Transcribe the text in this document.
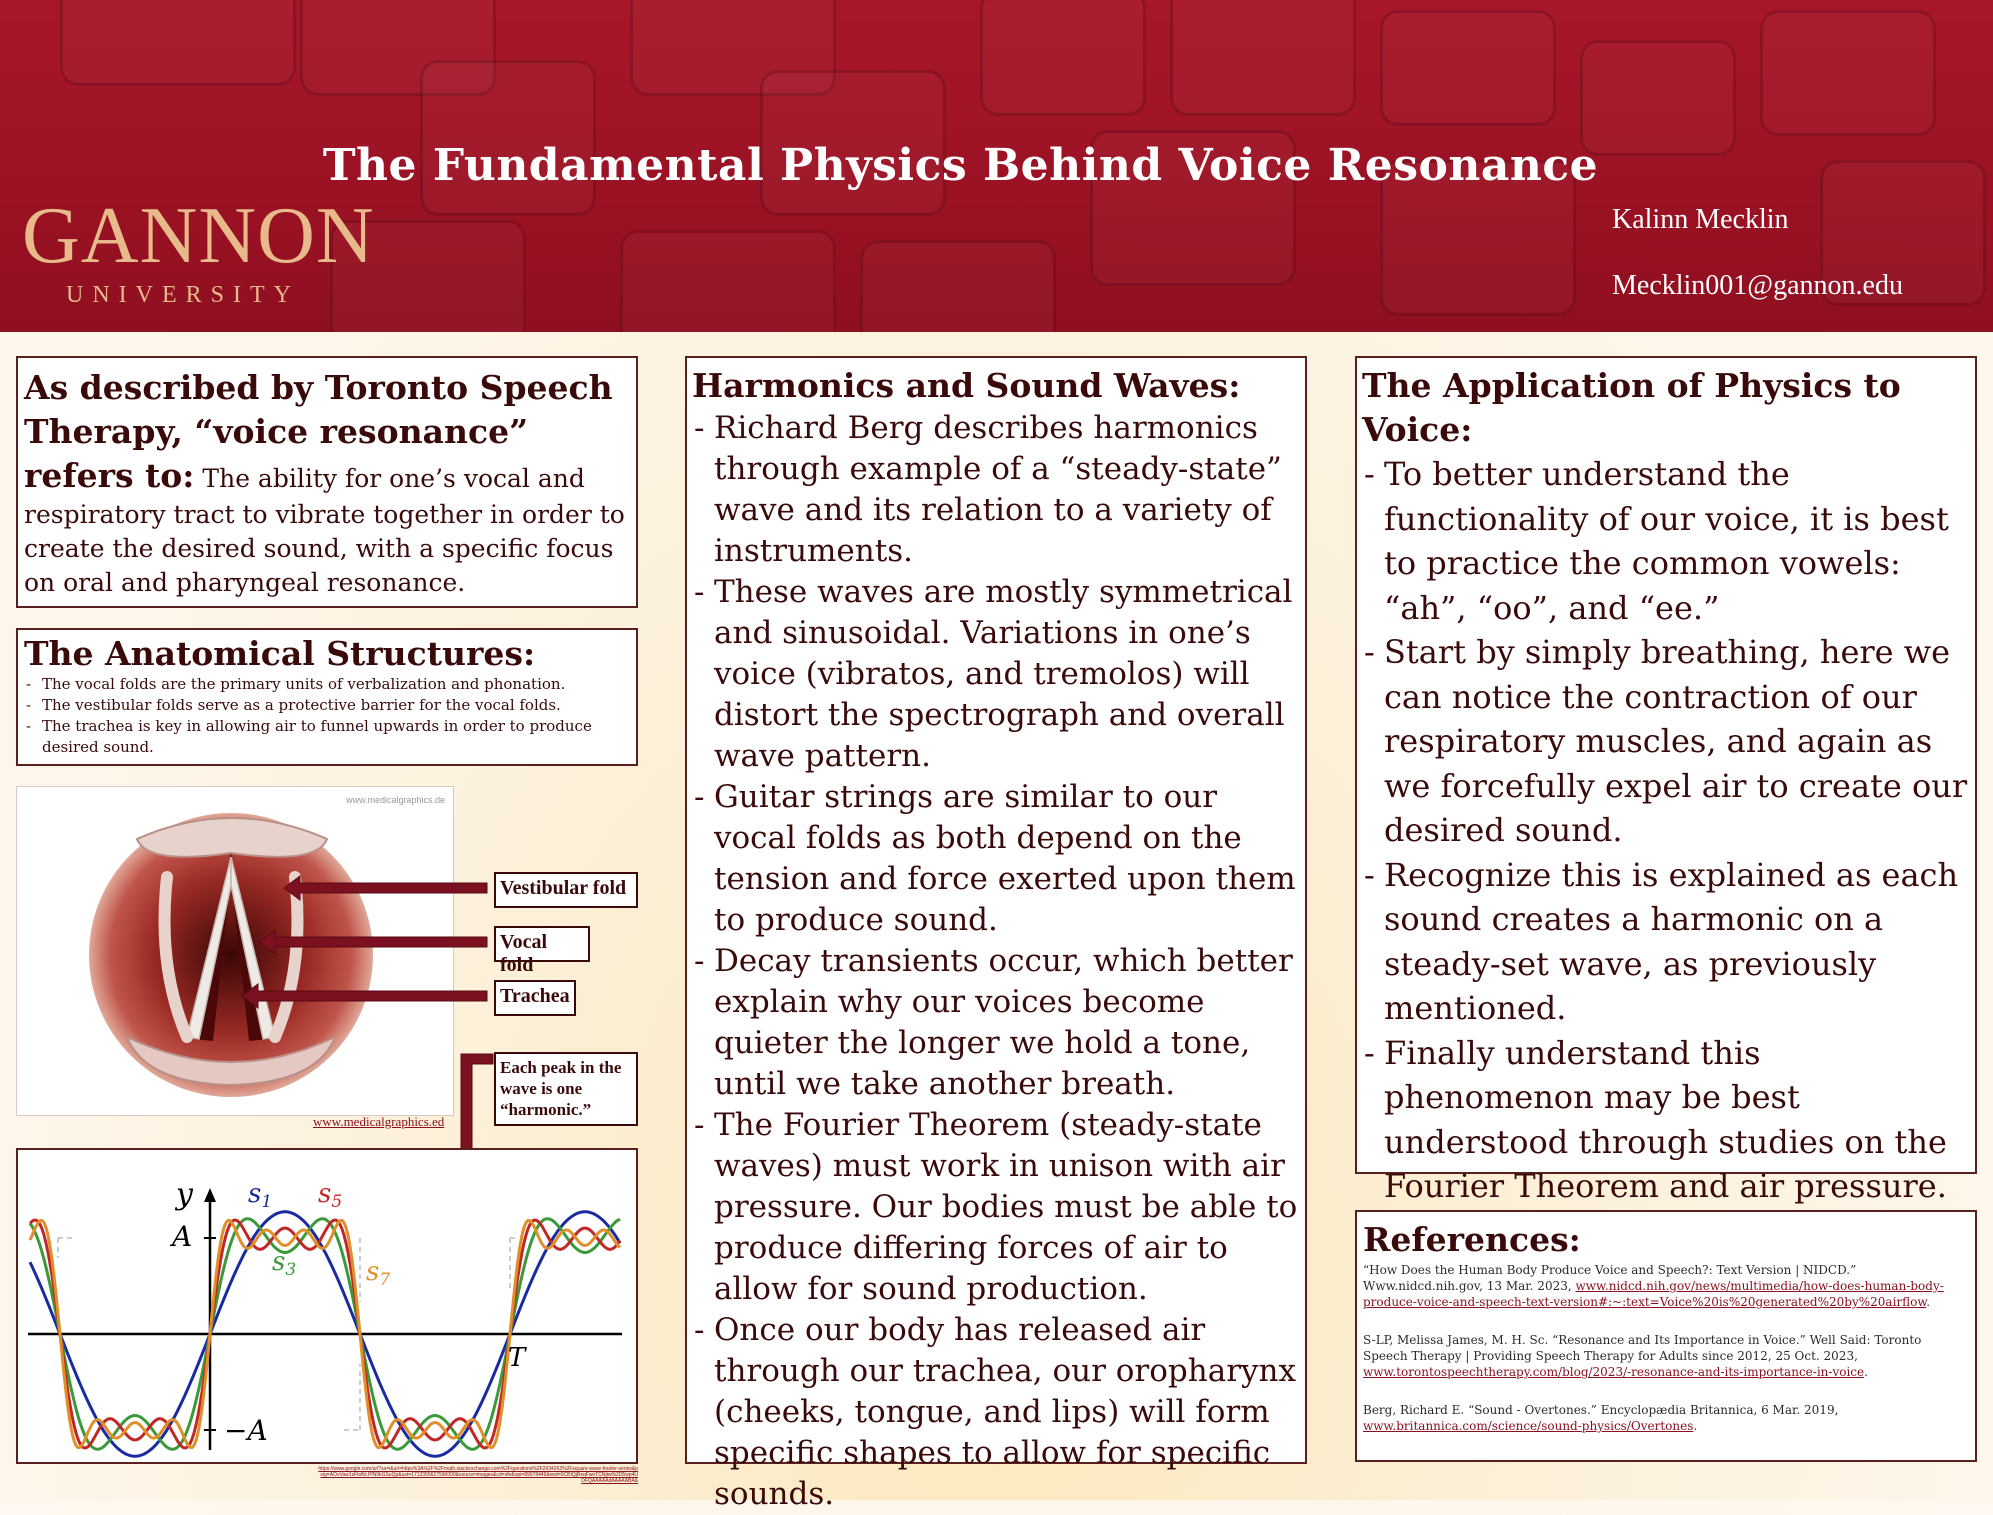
The Fundamental Physics Behind Voice Resonance
GANNON
UNIVERSITY
Kalinn Mecklin
Mecklin001@gannon.edu
As described by Toronto Speech Therapy, “voice resonance” refers to: The ability for one’s vocal and respiratory tract to vibrate together in order to create the desired sound, with a specific focus on oral and pharyngeal resonance.
The Anatomical Structures:
- The vocal folds are the primary units of verbalization and phonation.
- The vestibular folds serve as a protective barrier for the vocal folds.
- The trachea is key in allowing air to funnel upwards in order to produce desired sound.
www.medicalgraphics.de
Vestibular fold
Vocal fold
Trachea
Each peak in the wave is one “harmonic.”
www.medicalgraphics.ed
y
A
−A
T
s1 s5
s3	s7
https://www.google.com/url?sa=i&url=https%3A%2F%2Fmath.stackexchange.com%2Fquestions%2F2634263%2Fsquare-wave-fourier-series&psig=AOvVaw1sFtsfbLPfN9kGSuQp&ust=1713355627590000&source=images&cd=vfe&opi=89978449&ved=0CBIQjRxqFwoTCNjtw%2D5wp4UDFQAAAAAdAAAAABA&
Harmonics and Sound Waves:
- Richard Berg describes harmonics through example of a “steady-state” wave and its relation to a variety of instruments.
- These waves are mostly symmetrical and sinusoidal. Variations in one’s voice (vibratos, and tremolos) will distort the spectrograph and overall wave pattern.
- Guitar strings are similar to our vocal folds as both depend on the tension and force exerted upon them to produce sound.
- Decay transients occur, which better explain why our voices become quieter the longer we hold a tone, until we take another breath.
- The Fourier Theorem (steady-state waves) must work in unison with air pressure. Our bodies must be able to produce differing forces of air to allow for sound production.
- Once our body has released air through our trachea, our oropharynx (cheeks, tongue, and lips) will form specific shapes to allow for specific sounds.
The Application of Physics to Voice:
- To better understand the functionality of our voice, it is best to practice the common vowels: “ah”, “oo”, and “ee.”
- Start by simply breathing, here we can notice the contraction of our respiratory muscles, and again as we forcefully expel air to create our desired sound.
- Recognize this is explained as each sound creates a harmonic on a steady-set wave, as previously mentioned.
- Finally understand this phenomenon may be best understood through studies on the Fourier Theorem and air pressure.
References:
“How Does the Human Body Produce Voice and Speech?: Text Version | NIDCD.” Www.nidcd.nih.gov, 13 Mar. 2023, www.nidcd.nih.gov/news/multimedia/how-does-human-body-produce-voice-and-speech-text-version#:~:text=Voice%20is%20generated%20by%20airflow.
S-LP, Melissa James, M. H. Sc. “Resonance and Its Importance in Voice.” Well Said: Toronto Speech Therapy | Providing Speech Therapy for Adults since 2012, 25 Oct. 2023, www.torontospeechtherapy.com/blog/2023/-resonance-and-its-importance-in-voice.
Berg, Richard E. “Sound - Overtones.” Encyclopædia Britannica, 6 Mar. 2019, www.britannica.com/science/sound-physics/Overtones.
